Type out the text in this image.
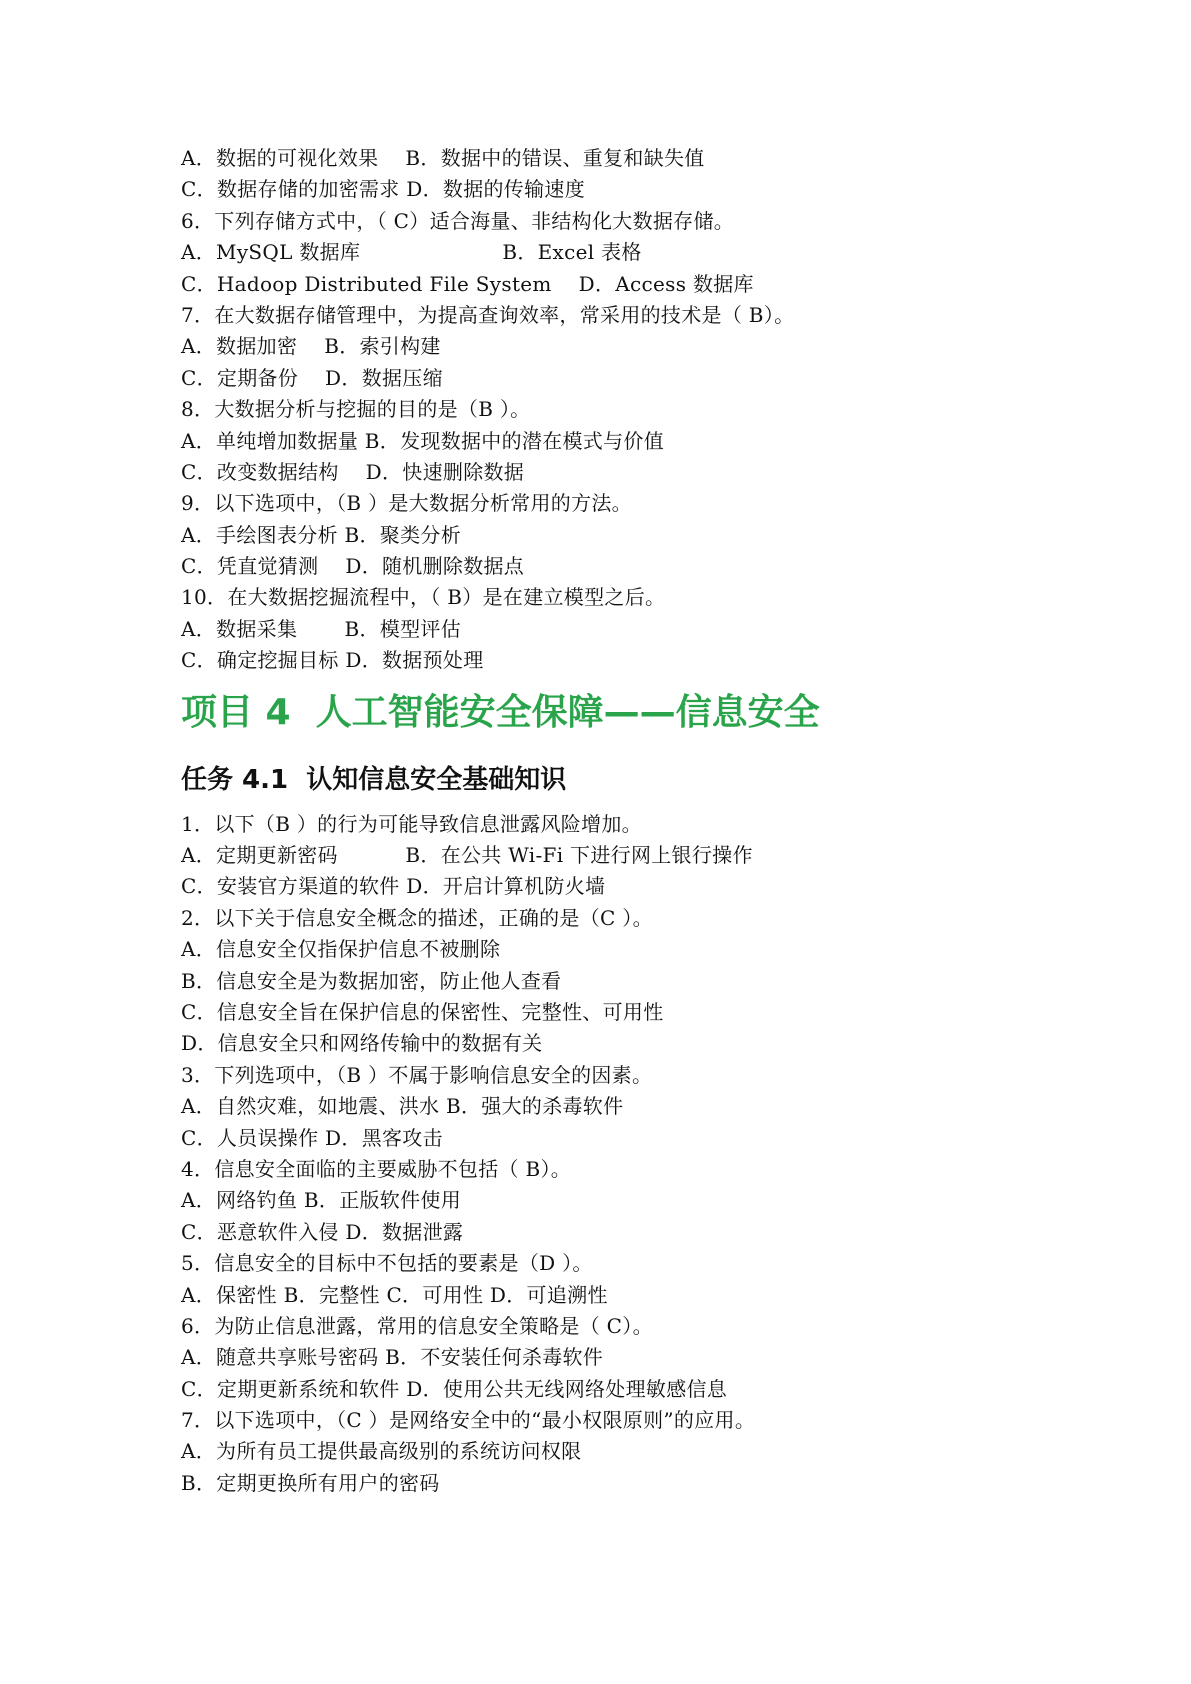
A．数据的可视化效果　 B．数据中的错误、重复和缺失值
C．数据存储的加密需求 D．数据的传输速度
6．下列存储方式中，（ C）适合海量、非结构化大数据存储。
A．MySQL 数据库　　　　　　　B．Excel 表格
C．Hadoop Distributed File System　 D．Access 数据库
7．在大数据存储管理中，为提高查询效率，常采用的技术是（ B）。
A．数据加密　 B．索引构建
C．定期备份　 D．数据压缩
8．大数据分析与挖掘的目的是（B ）。
A．单纯增加数据量 B．发现数据中的潜在模式与价值
C．改变数据结构　 D．快速删除数据
9．以下选项中，（B ）是大数据分析常用的方法。
A．手绘图表分析 B．聚类分析
C．凭直觉猜测　 D．随机删除数据点
10．在大数据挖掘流程中，（ B）是在建立模型之后。
A．数据采集　　 B．模型评估
C．确定挖掘目标 D．数据预处理
项目 4  人工智能安全保障——信息安全
任务 4.1  认知信息安全基础知识
1．以下（B ）的行为可能导致信息泄露风险增加。
A．定期更新密码　　　 B．在公共 Wi-Fi 下进行网上银行操作
C．安装官方渠道的软件 D．开启计算机防火墙
2．以下关于信息安全概念的描述，正确的是（C ）。
A．信息安全仅指保护信息不被删除
B．信息安全是为数据加密，防止他人查看
C．信息安全旨在保护信息的保密性、完整性、可用性
D．信息安全只和网络传输中的数据有关
3．下列选项中，（B ）不属于影响信息安全的因素。
A．自然灾难，如地震、洪水 B．强大的杀毒软件
C．人员误操作 D．黑客攻击
4．信息安全面临的主要威胁不包括（ B）。
A．网络钓鱼 B．正版软件使用
C．恶意软件入侵 D．数据泄露
5．信息安全的目标中不包括的要素是（D ）。
A．保密性 B．完整性 C．可用性 D．可追溯性
6．为防止信息泄露，常用的信息安全策略是（ C）。
A．随意共享账号密码 B．不安装任何杀毒软件
C．定期更新系统和软件 D．使用公共无线网络处理敏感信息
7．以下选项中，（C ）是网络安全中的“最小权限原则”的应用。
A．为所有员工提供最高级别的系统访问权限
B．定期更换所有用户的密码
